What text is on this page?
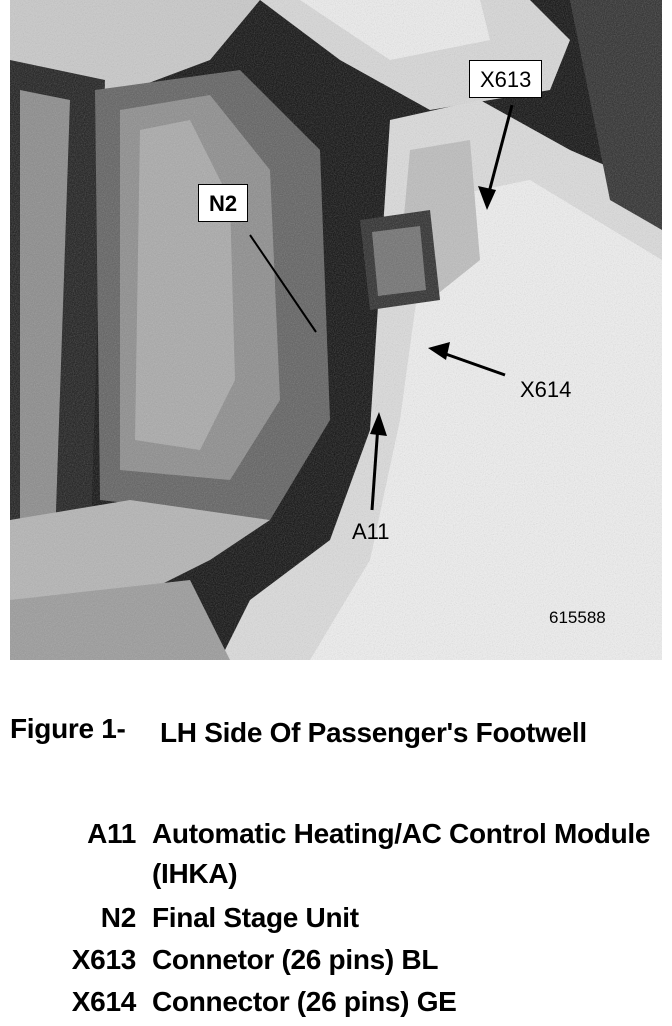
X613
N2
X614
A11
615588
Figure 1- LH Side Of Passenger's Footwell
A11 Automatic Heating/AC Control Module (IHKA)
N2 Final Stage Unit
X613 Connetor (26 pins) BL
X614 Connector (26 pins) GE
